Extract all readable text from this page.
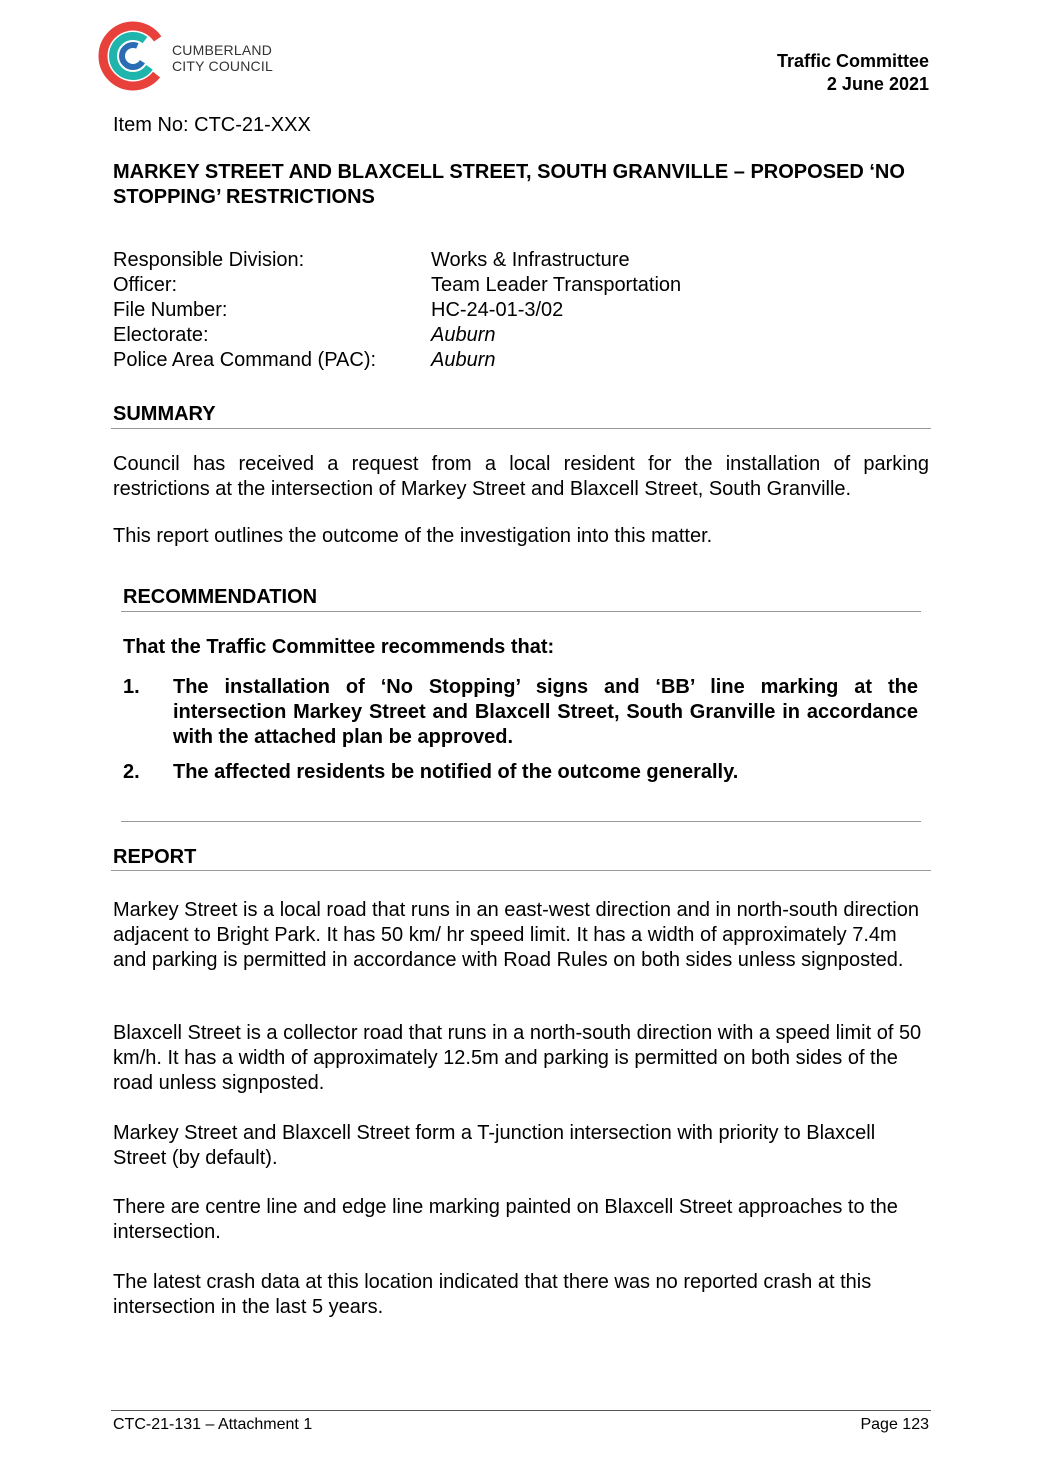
CUMBERLAND
CITY COUNCIL	Traffic Committee
2 June 2021
Item No: CTC-21-XXX
MARKEY STREET AND BLAXCELL STREET, SOUTH GRANVILLE – PROPOSED ‘NO STOPPING’ RESTRICTIONS
Responsible Division:	Works & Infrastructure
Officer:	Team Leader Transportation
File Number:	HC-24-01-3/02
Electorate:	Auburn
Police Area Command (PAC):	Auburn
SUMMARY
Council has received a request from a local resident for the installation of parking restrictions at the intersection of Markey Street and Blaxcell Street, South Granville.
This report outlines the outcome of the investigation into this matter.
RECOMMENDATION
That the Traffic Committee recommends that:
1.	The installation of ‘No Stopping’ signs and ‘BB’ line marking at the intersection Markey Street and Blaxcell Street, South Granville in accordance with the attached plan be approved.
2.	The affected residents be notified of the outcome generally.
REPORT
Markey Street is a local road that runs in an east-west direction and in north-south direction adjacent to Bright Park. It has 50 km/ hr speed limit. It has a width of approximately 7.4m and parking is permitted in accordance with Road Rules on both sides unless signposted.
Blaxcell Street is a collector road that runs in a north-south direction with a speed limit of 50 km/h. It has a width of approximately 12.5m and parking is permitted on both sides of the road unless signposted.
Markey Street and Blaxcell Street form a T-junction intersection with priority to Blaxcell Street (by default).
There are centre line and edge line marking painted on Blaxcell Street approaches to the intersection.
The latest crash data at this location indicated that there was no reported crash at this intersection in the last 5 years.
CTC-21-131 – Attachment 1	Page 123
